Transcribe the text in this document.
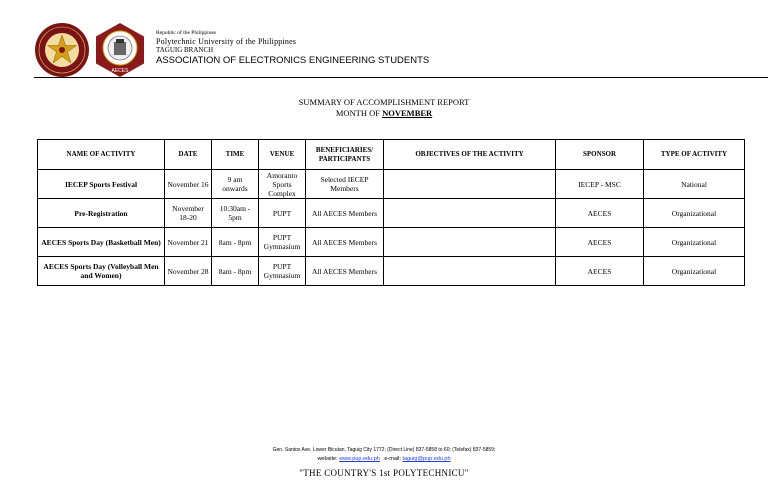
AECES
Republic of the Philippines
Polytechnic University of the Philippines
TAGUIG BRANCH
ASSOCIATION OF ELECTRONICS ENGINEERING STUDENTS
SUMMARY OF ACCOMPLISHMENT REPORT
MONTH OF NOVEMBER
NAME OF ACTIVITY	DATE	TIME	VENUE	BENEFICIARIES/ PARTICIPANTS	OBJECTIVES OF THE ACTIVITY	SPONSOR	TYPE OF ACTIVITY
IECEP Sports Festival	November 16	9 am onwards	Amoranto Sports Complex	Selected IECEP Members		IECEP - MSC	National
Pre-Registration	November 18-20	10:30am - 5pm	PUPT	All AECES Members		AECES	Organizational
AECES Sports Day (Basketball Men)	November 21	8am - 8pm	PUPT Gymnasium	All AECES Members		AECES	Organizational
AECES Sports Day (Volleyball Men and Women)	November 28	8am - 8pm	PUPT Gymnasium	All AECES Members		AECES	Organizational
Gen. Santos Ave. Lower Bicutan, Taguig City 1772; (Direct Line) 837-5858 to 60; (Telefax) 837-5859;
website: www.pup.edu.ph e-mail: taguig@pup.edu.ph
"THE COUNTRY'S 1st POLYTECHNICU"
